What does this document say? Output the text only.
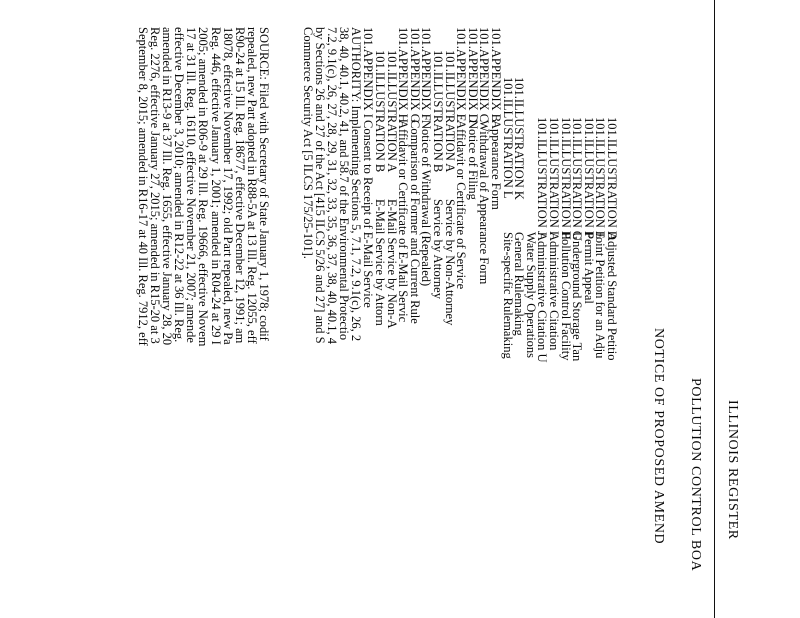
ILLINOIS REGISTER
POLLUTION CONTROL BOA
NOTICE OF PROPOSED AMEND
101.ILLUSTRATION D
Adjusted Standard Petitio
101.ILLUSTRATION E
Joint Petition for an Adju
101.ILLUSTRATION F
Permit Appeal
101.ILLUSTRATION G
Underground Storage Tan
101.ILLUSTRATION H
Pollution Control Facility
101.ILLUSTRATION I
Administrative Citation
101.ILLUSTRATION J
Administrative Citation U
Water Supply Operations
101.ILLUSTRATION K
General Rulemaking
101.ILLUSTRATION L
Site-specific Rulemaking
101.APPENDIX B
Appearance Form
101.APPENDIX C
Withdrawal of Appearance Form
101.APPENDIX D
Notice of Filing
101.APPENDIX E
Affidavit or Certificate of Service
101.ILLUSTRATION A
Service by Non-Attorney
101.ILLUSTRATION B
Service by Attorney
101.APPENDIX F
Notice of Withdrawal (Repealed)
101.APPENDIX G
Comparison of Former and Current Rule
101.APPENDIX H
Affidavit or Certificate of E-Mail Servic
101.ILLUSTRATION A
E-Mail Service by Non-A
101.ILLUSTRATION B
E-Mail Service by Attorn
101.APPENDIX I
Consent to Receipt of E-Mail Service
AUTHORITY: Implementing Sections 5, 7.1, 7.2, 9.1(c), 26, 2
38, 40, 40.1, 40.2, 41, and 58.7 of the Environmental Protectio
7.2, 9.1(c), 26, 27, 28, 29, 31, 32, 33, 35, 36, 37, 38, 40, 40.1, 4
by Sections 26 and 27 of the Act [415 ILCS 5/26 and 27] and S
Commerce Security Act [5 ILCS 175/25-101].
SOURCE: Filed with Secretary of State January 1, 1978; codif
repealed, new Part adopted in R88-5A at 13 Ill. Reg. 12055, eff
R90-24 at 15 Ill. Reg. 18677, effective December 12, 1991; am
18078, effective November 17, 1992; old Part repealed, new Pa
Reg. 446, effective January 1, 2001; amended in R04-24 at 29 I
2005; amended in R06-9 at 29 Ill. Reg. 19666, effective Novem
17 at 31 Ill. Reg. 16110, effective November 21, 2007; amende
effective December 3, 2010; amended in R12-22 at 36 Ill. Reg.
amended in R13-9 at 37 Ill. Reg. 1655, effective January 28, 20
Reg. 2276, effective January 27, 2015; amended in R15-20 at 3
September 8, 2015; amended in R16-17 at 40 Ill. Reg. 7912, eff
